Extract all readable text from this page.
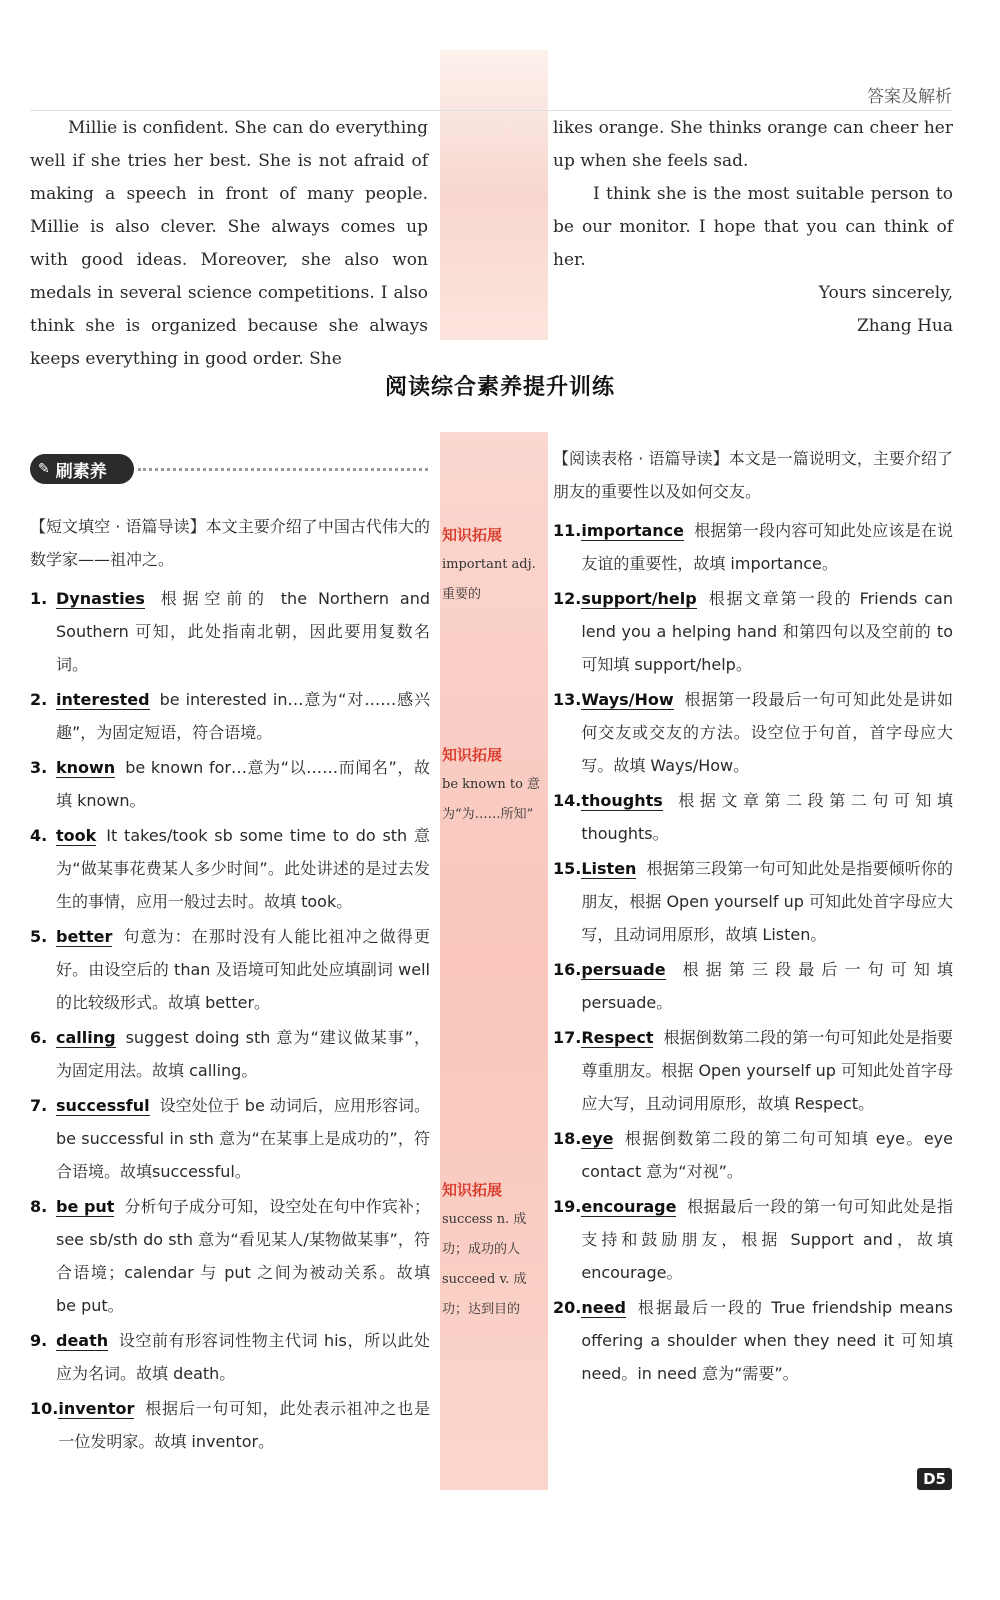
答案及解析
Millie is confident. She can do everything well if she tries her best. She is not afraid of making a speech in front of many people. Millie is also clever. She always comes up with good ideas. Moreover, she also won medals in several science competitions. I also think she is organized because she always keeps everything in good order. She

likes orange. She thinks orange can cheer her up when she feels sad.

I think she is the most suitable person to be our monitor. I hope that you can think of her.

Yours sincerely,

Zhang Hua

阅读综合素养提升训练
✎ 刷素养

【短文填空 · 语篇导读】本文主要介绍了中国古代伟大的数学家——祖冲之。

1. Dynasties 根据空前的 the Northern and Southern 可知，此处指南北朝，因此要用复数名词。
2. interested be interested in…意为“对……感兴趣”，为固定短语，符合语境。
3. known be known for…意为“以……而闻名”，故填 known。
4. took It takes/took sb some time to do sth 意为“做某事花费某人多少时间”。此处讲述的是过去发生的事情，应用一般过去时。故填 took。
5. better 句意为：在那时没有人能比祖冲之做得更好。由设空后的 than 及语境可知此处应填副词 well 的比较级形式。故填 better。
6. calling suggest doing sth 意为“建议做某事”，为固定用法。故填 calling。
7. successful 设空处位于 be 动词后，应用形容词。be successful in sth 意为“在某事上是成功的”，符合语境。故填successful。
8. be put 分析句子成分可知，设空处在句中作宾补；see sb/sth do sth 意为“看见某人/某物做某事”，符合语境；calendar 与 put 之间为被动关系。故填 be put。
9. death 设空前有形容词性物主代词 his，所以此处应为名词。故填 death。
10. inventor 根据后一句可知，此处表示祖冲之也是一位发明家。故填 inventor。

【阅读表格 · 语篇导读】本文是一篇说明文，主要介绍了朋友的重要性以及如何交友。

11. importance 根据第一段内容可知此处应该是在说友谊的重要性，故填 importance。
12. support/help 根据文章第一段的 Friends can lend you a helping hand 和第四句以及空前的 to 可知填 support/help。
13. Ways/How 根据第一段最后一句可知此处是讲如何交友或交友的方法。设空位于句首，首字母应大写。故填 Ways/How。
14. thoughts 根据文章第二段第二句可知填 thoughts。
15. Listen 根据第三段第一句可知此处是指要倾听你的朋友，根据 Open yourself up 可知此处首字母应大写，且动词用原形，故填 Listen。
16. persuade 根据第三段最后一句可知填 persuade。
17. Respect 根据倒数第二段的第一句可知此处是指要尊重朋友。根据 Open yourself up 可知此处首字母应大写，且动词用原形，故填 Respect。
18. eye 根据倒数第二段的第二句可知填 eye。eye contact 意为“对视”。
19. encourage 根据最后一段的第一句可知此处是指支持和鼓励朋友，根据 Support and，故填 encourage。
20. need 根据最后一段的 True friendship means offering a shoulder when they need it 可知填 need。in need 意为“需要”。
知识拓展
important adj. 重要的
知识拓展
be known to 意为“为……所知”
知识拓展
success n. 成功；成功的人 succeed v. 成功；达到目的
D5
